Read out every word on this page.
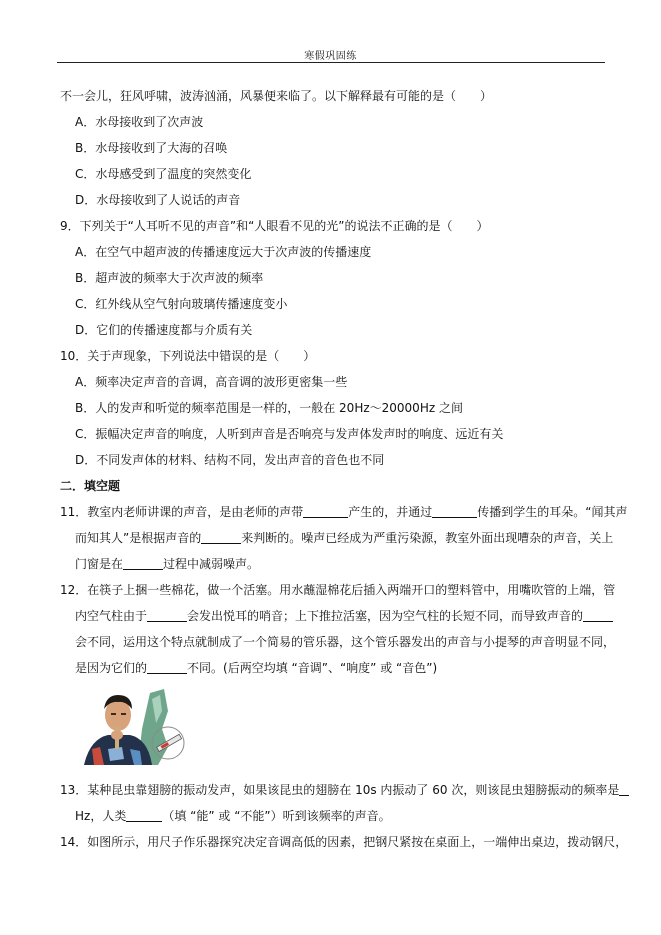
寒假巩固练
不一会儿，狂风呼啸，波涛汹涌，风暴便来临了。以下解释最有可能的是（　　）
A．水母接收到了次声波
B．水母接收到了大海的召唤
C．水母感受到了温度的突然变化
D．水母接收到了人说话的声音
9．下列关于“人耳听不见的声音”和“人眼看不见的光”的说法不正确的是（　　）
A．在空气中超声波的传播速度远大于次声波的传播速度
B．超声波的频率大于次声波的频率
C．红外线从空气射向玻璃传播速度变小
D．它们的传播速度都与介质有关
10．关于声现象，下列说法中错误的是（　　）
A．频率决定声音的音调，高音调的波形更密集一些
B．人的发声和听觉的频率范围是一样的，一般在 20Hz～20000Hz 之间
C．振幅决定声音的响度，人听到声音是否响亮与发声体发声时的响度、远近有关
D．不同发声体的材料、结构不同，发出声音的音色也不同
二．填空题
11．教室内老师讲课的声音，是由老师的声带	产生的，并通过	传播到学生的耳朵。“闻其声
而知其人”是根据声音的	来判断的。噪声已经成为严重污染源，教室外面出现嘈杂的声音，关上
门窗是在	过程中减弱噪声。
12．在筷子上捆一些棉花，做一个活塞。用水蘸湿棉花后插入两端开口的塑料管中，用嘴吹管的上端，管
内空气柱由于	会发出悦耳的哨音；上下推拉活塞，因为空气柱的长短不同，而导致声音的
会不同，运用这个特点就制成了一个简易的管乐器，这个管乐器发出的声音与小提琴的声音明显不同，
是因为它们的	不同。(后两空均填 “音调”、“响度” 或 “音色”)
13．某种昆虫靠翅膀的振动发声，如果该昆虫的翅膀在 10s 内振动了 60 次，则该昆虫翅膀振动的频率是
Hz，人类	（填 “能” 或 “不能”）听到该频率的声音。
14．如图所示，用尺子作乐器探究决定音调高低的因素，把钢尺紧按在桌面上，一端伸出桌边，拨动钢尺，
